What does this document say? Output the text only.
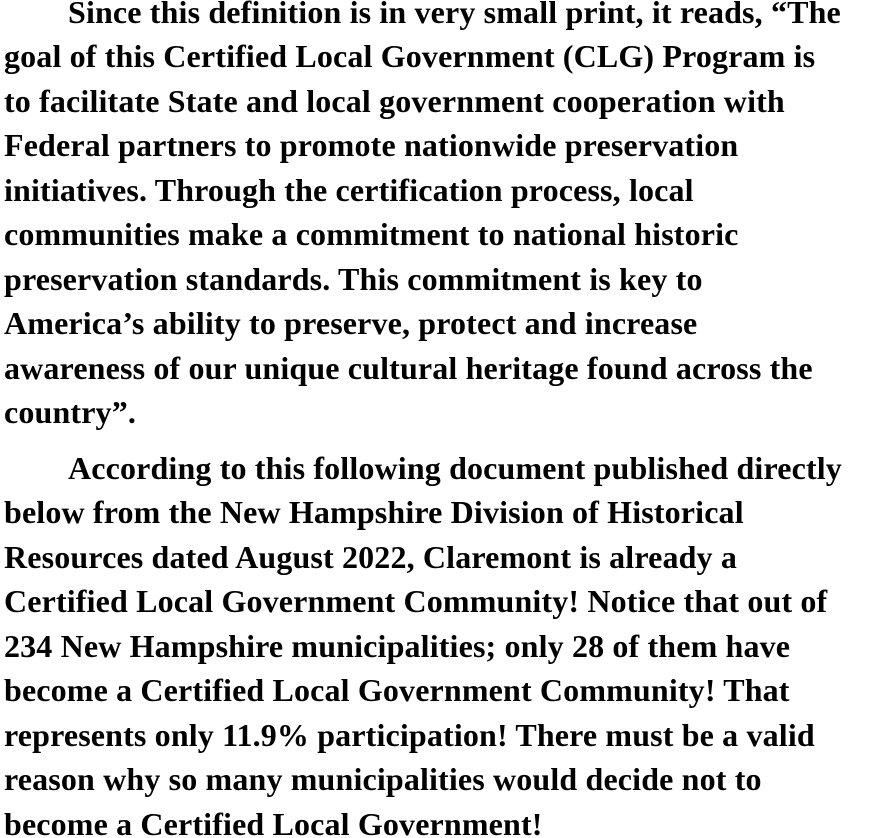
Since this definition is in very small print, it reads, “The

goal of this Certified Local Government (CLG) Program is

to facilitate State and local government cooperation with

Federal partners to promote nationwide preservation

initiatives. Through the certification process, local

communities make a commitment to national historic

preservation standards. This commitment is key to

America’s ability to preserve, protect and increase

awareness of our unique cultural heritage found across the

country”.

According to this following document published directly

below from the New Hampshire Division of Historical

Resources dated August 2022, Claremont is already a

Certified Local Government Community! Notice that out of

234 New Hampshire municipalities; only 28 of them have

become a Certified Local Government Community! That

represents only 11.9% participation! There must be a valid

reason why so many municipalities would decide not to

become a Certified Local Government!
